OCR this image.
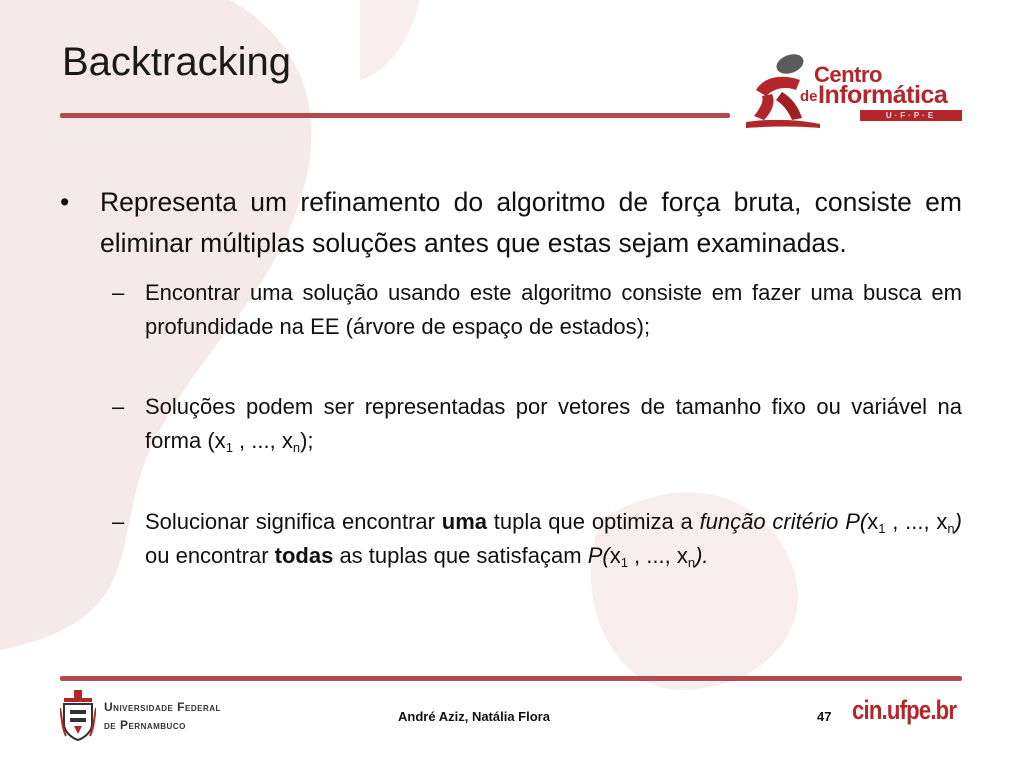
Backtracking	Centro
de Informática
U·F·P·E

• Representa um refinamento do algoritmo de força bruta, consiste em eliminar múltiplas soluções antes que estas sejam examinadas.

– Encontrar uma solução usando este algoritmo consiste em fazer uma busca em profundidade na EE (árvore de espaço de estados);

– Soluções podem ser representadas por vetores de tamanho fixo ou variável na forma ($x_1$ , ..., $x_n$);

– Solucionar significa encontrar uma tupla que optimiza a função critério $P(x_1$ , ..., $x_n$) ou encontrar todas as tuplas que satisfaçam $P(x_1$ , ..., $x_n$).

Universidade Federal
de Pernambuco
André Aziz, Natália Flora	47 cin.ufpe.br
